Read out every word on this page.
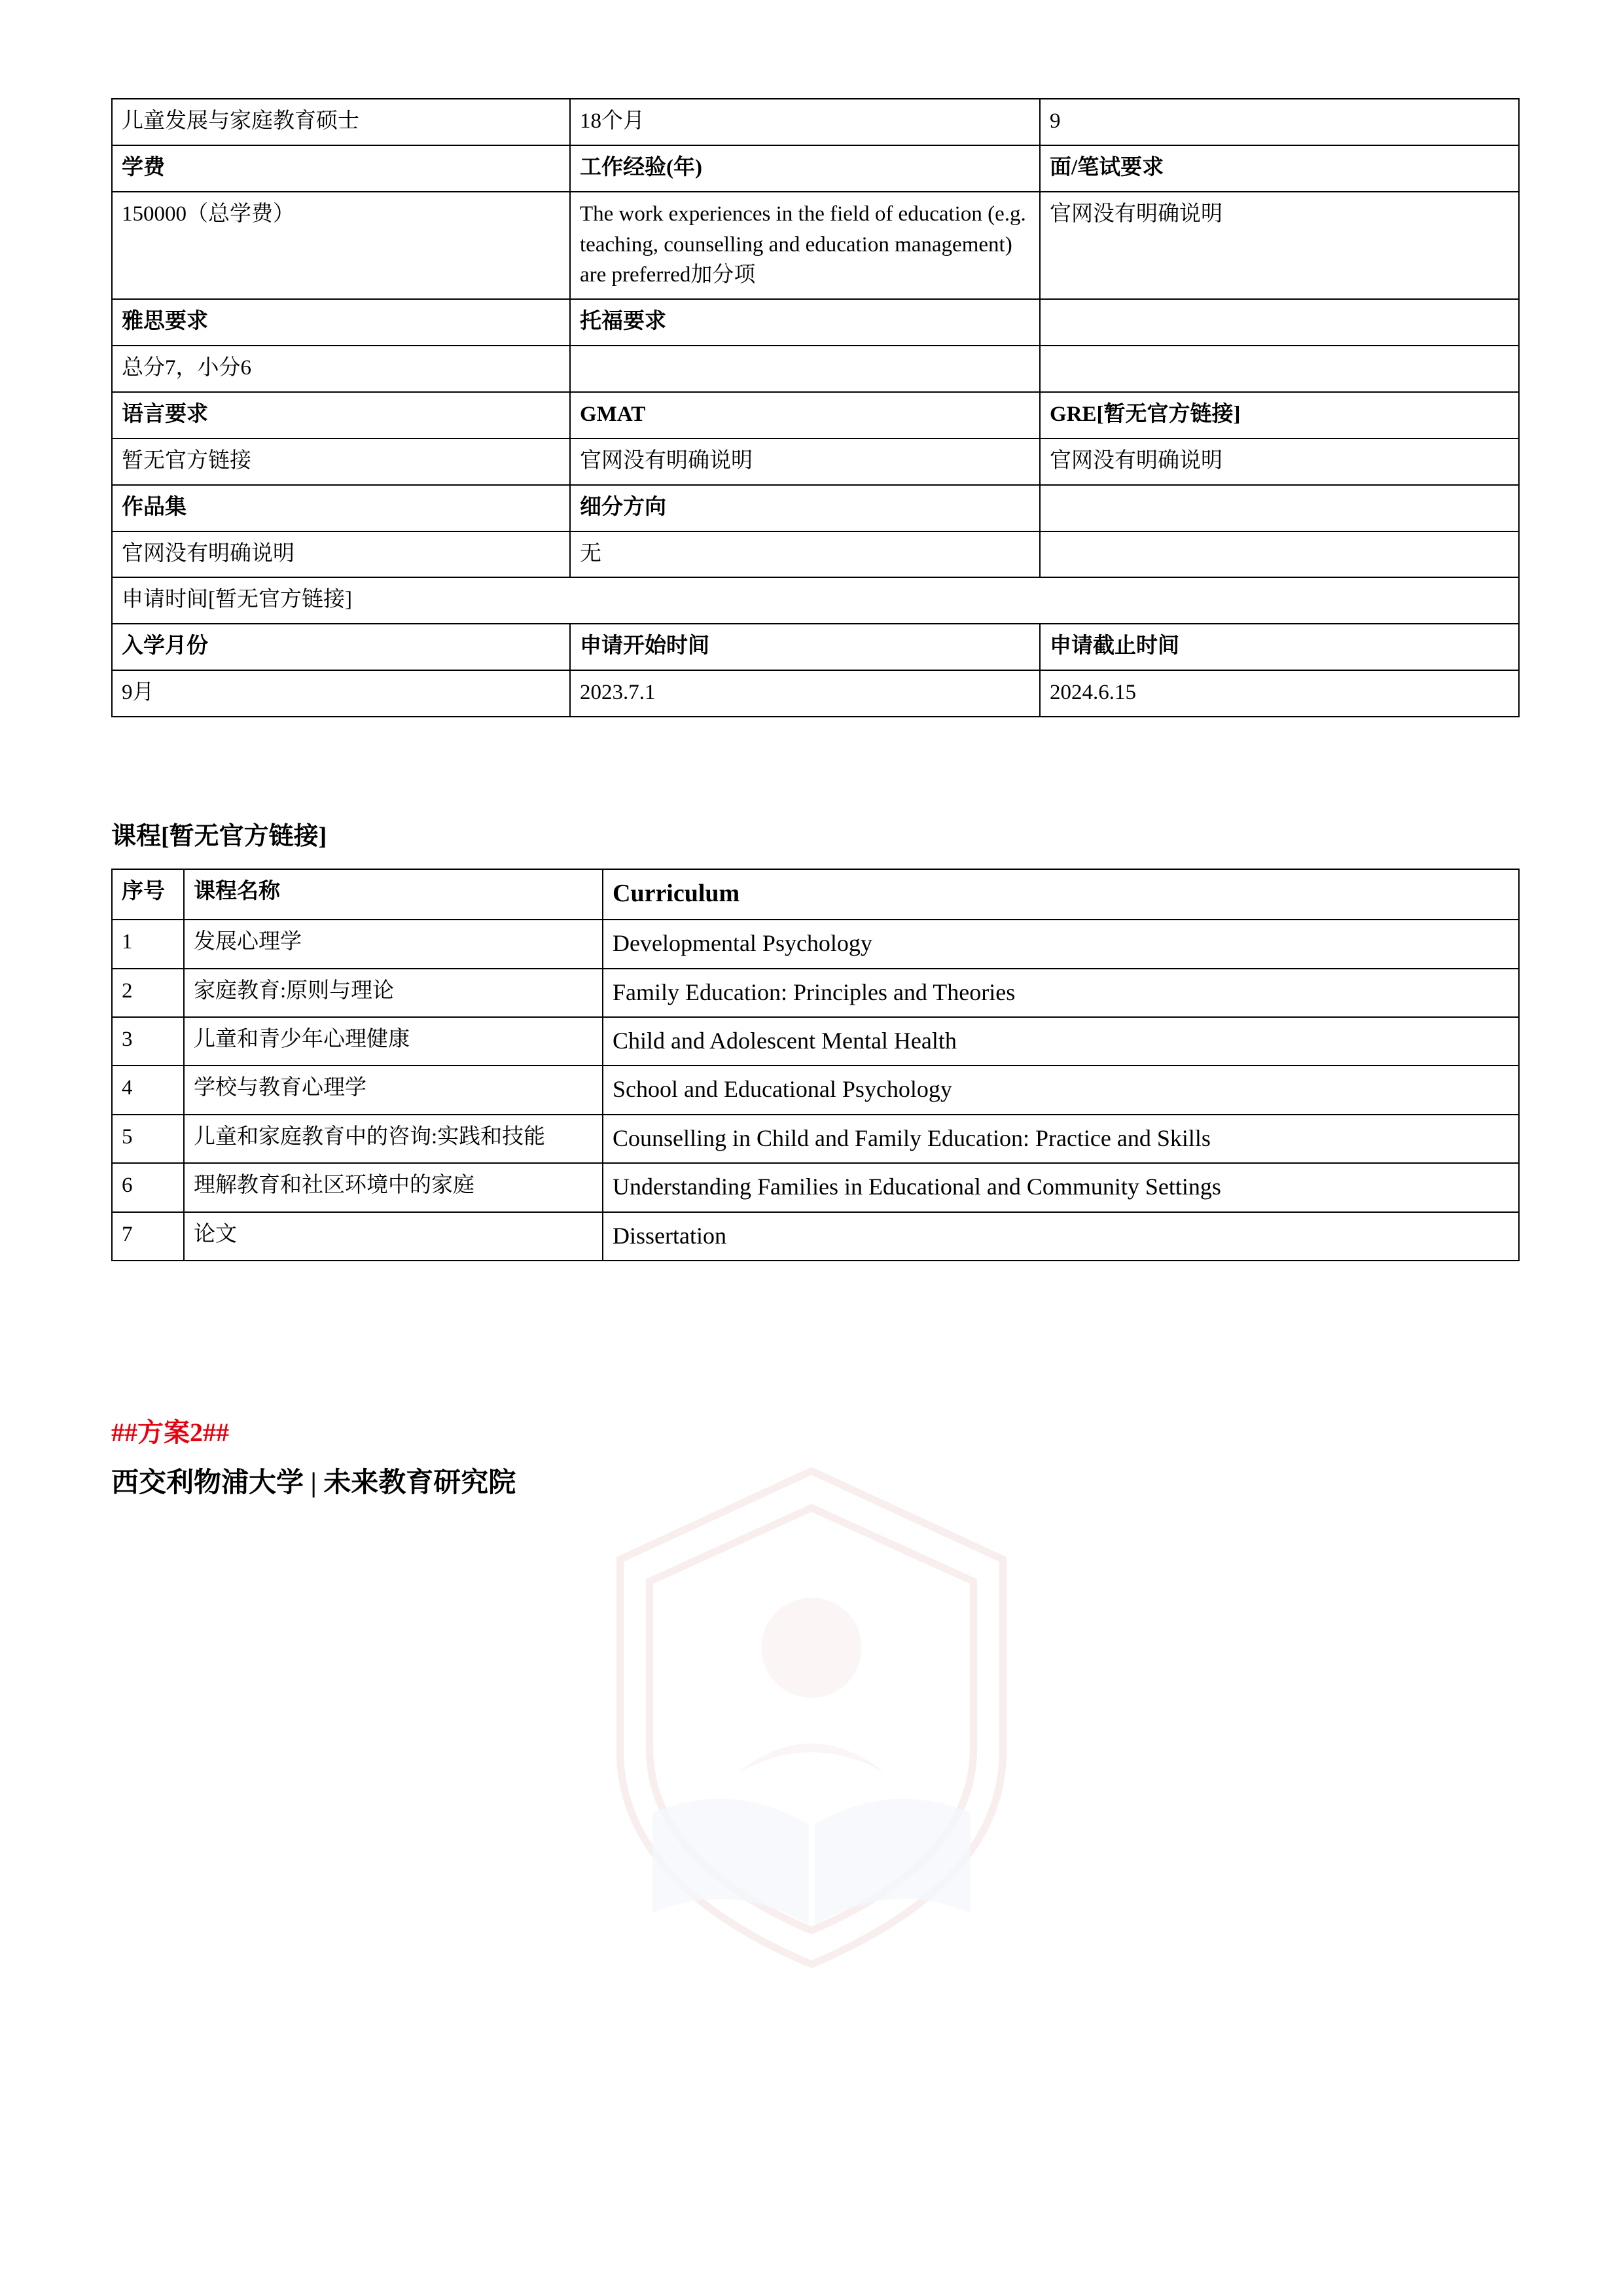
儿童发展与家庭教育硕士	18个月	9
学费	工作经验(年)	面/笔试要求
150000（总学费）	The work experiences in the field of education (e.g. teaching, counselling and education management) are preferred加分项	官网没有明确说明
雅思要求	托福要求	
总分7，小分6		
语言要求	GMAT	GRE[暂无官方链接]
暂无官方链接	官网没有明确说明	官网没有明确说明
作品集	细分方向	
官网没有明确说明	无	
申请时间[暂无官方链接]		
入学月份	申请开始时间	申请截止时间
9月	2023.7.1	2024.6.15
课程[暂无官方链接]
序号	课程名称	Curriculum
1	发展心理学	Developmental Psychology
2	家庭教育:原则与理论	Family Education: Principles and Theories
3	儿童和青少年心理健康	Child and Adolescent Mental Health
4	学校与教育心理学	School and Educational Psychology
5	儿童和家庭教育中的咨询:实践和技能	Counselling in Child and Family Education: Practice and Skills
6	理解教育和社区环境中的家庭	Understanding Families in Educational and Community Settings
7	论文	Dissertation
##方案2##
西交利物浦大学 | 未来教育研究院
